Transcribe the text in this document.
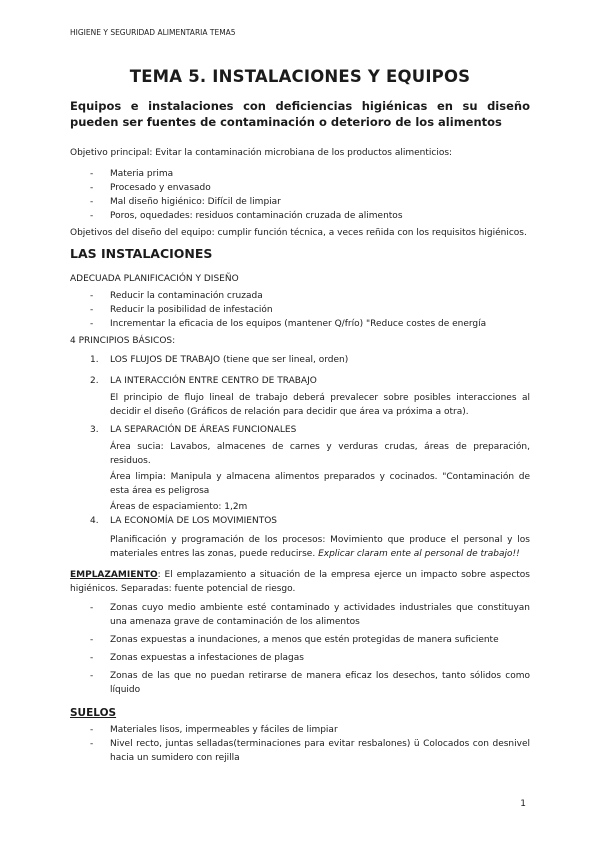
HIGIENE Y SEGURIDAD ALIMENTARIA TEMA5
TEMA 5. INSTALACIONES Y EQUIPOS
Equipos e instalaciones con deficiencias higiénicas en su diseño pueden ser fuentes de contaminación o deterioro de los alimentos

Objetivo principal: Evitar la contaminación microbiana de los productos alimenticios:

-
Materia prima
-
Procesado y envasado
-
Mal diseño higiénico: Difícil de limpiar
-
Poros, oquedades: residuos contaminación cruzada de alimentos

Objetivos del diseño del equipo: cumplir función técnica, a veces reñida con los requisitos higiénicos.

LAS INSTALACIONES

ADECUADA PLANIFICACIÓN Y DISEÑO

-
Reducir la contaminación cruzada
-
Reducir la posibilidad de infestación
-
Incrementar la eficacia de los equipos (mantener Q/frío) "Reduce costes de energía

4 PRINCIPIOS BÁSICOS:

1.	LOS FLUJOS DE TRABAJO (tiene que ser lineal, orden)
2.	LA INTERACCIÓN ENTRE CENTRO DE TRABAJO

El principio de flujo lineal de trabajo deberá prevalecer sobre posibles interacciones al decidir el diseño (Gráficos de relación para decidir que área va próxima a otra).

3.	LA SEPARACIÓN DE ÁREAS FUNCIONALES

Área sucia: Lavabos, almacenes de carnes y verduras crudas, áreas de preparación, residuos.

Área limpia: Manipula y almacena alimentos preparados y cocinados. "Contaminación de esta área es peligrosa

Áreas de espaciamiento: 1,2m

4.	LA ECONOMÍA DE LOS MOVIMIENTOS

Planificación y programación de los procesos: Movimiento que produce el personal y los materiales entres las zonas, puede reducirse. Explicar claram ente al personal de trabajo!!

EMPLAZAMIENTO: El emplazamiento a situación de la empresa ejerce un impacto sobre aspectos higiénicos. Separadas: fuente potencial de riesgo.

-
Zonas cuyo medio ambiente esté contaminado y actividades industriales que constituyan una amenaza grave de contaminación de los alimentos
-
Zonas expuestas a inundaciones, a menos que estén protegidas de manera suficiente
-
Zonas expuestas a infestaciones de plagas
-
Zonas de las que no puedan retirarse de manera eficaz los desechos, tanto sólidos como líquido
SUELOS
-
Materiales lisos, impermeables y fáciles de limpiar
-
Nivel recto, juntas selladas(terminaciones para evitar resbalones) ü Colocados con desnivel hacia un sumidero con rejilla
1
